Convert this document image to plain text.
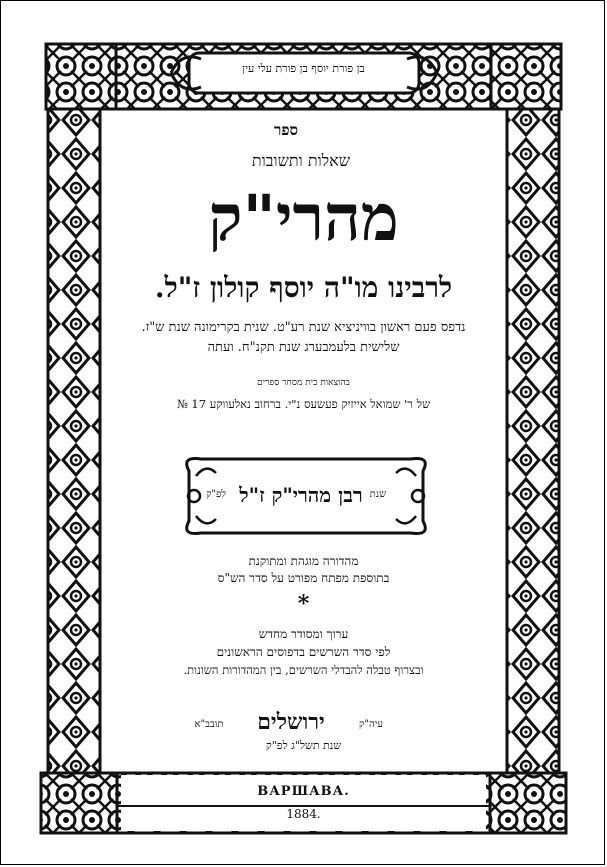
בן פורת יוסף בן פורת עלי עין
ספר
שאלות ותשובות
מהרי"ק
לרבינו מו"ה יוסף קולון ז"ל.
נדפס פעם ראשון בוויניציא שנת רע"ט. שנית בקרימונה שנת ש"ז.
שלישית בלעמבערג שנת תקנ"ח. ועתה
בהוצאות בית מסחר ספרים
של ר' שמואל אייזיק פעשעס נ"י. ברחוב נאלעווקע 17 №
שנת
רבן מהרי"ק ז"ל
לפ"ק
מהדורה מוגהת ומתוקנת
בתוספת מפתח מפורט על סדר הש"ס
*
ערוך ומסודר מחדש
לפי סדר השרשים בדפוסים הראשונים
ובצרוף טבלה להבדלי השרשים, בין המהדורות השונות.
עיה"ק
ירושלים
תובב"א
שנת תשל"ג לפ"ק
ВАРШАВА.
1884.
